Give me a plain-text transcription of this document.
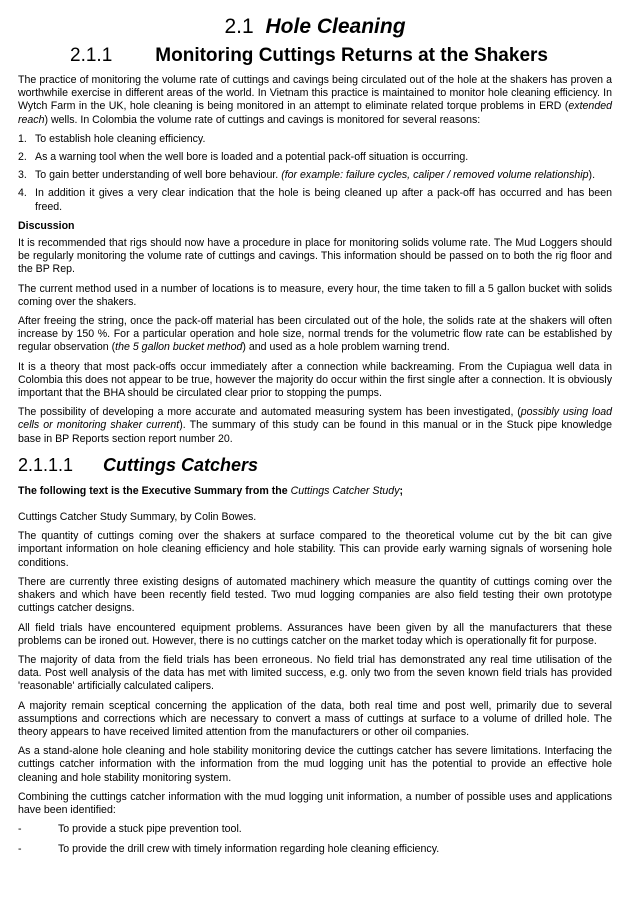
2.1 Hole Cleaning
2.1.1 Monitoring Cuttings Returns at the Shakers

The practice of monitoring the volume rate of cuttings and cavings being circulated out of the hole at the shakers has proven a worthwhile exercise in different areas of the world. In Vietnam this practice is maintained to monitor hole cleaning efficiency. In Wytch Farm in the UK, hole cleaning is being monitored in an attempt to eliminate related torque problems in ERD (extended reach) wells. In Colombia the volume rate of cuttings and cavings is monitored for several reasons:

1. To establish hole cleaning efficiency.
2. As a warning tool when the well bore is loaded and a potential pack-off situation is occurring.
3. To gain better understanding of well bore behaviour. (for example: failure cycles, caliper / removed volume relationship).
4. In addition it gives a very clear indication that the hole is being cleaned up after a pack-off has occurred and has been freed.
Discussion

It is recommended that rigs should now have a procedure in place for monitoring solids volume rate. The Mud Loggers should be regularly monitoring the volume rate of cuttings and cavings. This information should be passed on to both the rig floor and the BP Rep.

The current method used in a number of locations is to measure, every hour, the time taken to fill a 5 gallon bucket with solids coming over the shakers.

After freeing the string, once the pack-off material has been circulated out of the hole, the solids rate at the shakers will often increase by 150 %. For a particular operation and hole size, normal trends for the volumetric flow rate can be established by regular observation (the 5 gallon bucket method) and used as a hole problem warning trend.

It is a theory that most pack-offs occur immediately after a connection while backreaming. From the Cupiagua well data in Colombia this does not appear to be true, however the majority do occur within the first single after a connection. It is obviously important that the BHA should be circulated clear prior to stopping the pumps.

The possibility of developing a more accurate and automated measuring system has been investigated, (possibly using load cells or monitoring shaker current). The summary of this study can be found in this manual or in the Stuck pipe knowledge base in BP Reports section report number 20.

2.1.1.1 Cuttings Catchers

The following text is the Executive Summary from the Cuttings Catcher Study;

Cuttings Catcher Study Summary, by Colin Bowes.

The quantity of cuttings coming over the shakers at surface compared to the theoretical volume cut by the bit can give important information on hole cleaning efficiency and hole stability. This can provide early warning signals of worsening hole conditions.

There are currently three existing designs of automated machinery which measure the quantity of cuttings coming over the shakers and which have been recently field tested. Two mud logging companies are also field testing their own prototype cuttings catcher designs.

All field trials have encountered equipment problems. Assurances have been given by all the manufacturers that these problems can be ironed out. However, there is no cuttings catcher on the market today which is operationally fit for purpose.

The majority of data from the field trials has been erroneous. No field trial has demonstrated any real time utilisation of the data. Post well analysis of the data has met with limited success, e.g. only two from the seven known field trials has provided 'reasonable' artificially calculated calipers.

A majority remain sceptical concerning the application of the data, both real time and post well, primarily due to several assumptions and corrections which are necessary to convert a mass of cuttings at surface to a volume of drilled hole. The theory appears to have received limited attention from the manufacturers or other oil companies.

As a stand-alone hole cleaning and hole stability monitoring device the cuttings catcher has severe limitations. Interfacing the cuttings catcher information with the information from the mud logging unit has the potential to provide an effective hole cleaning and hole stability monitoring system.

Combining the cuttings catcher information with the mud logging unit information, a number of possible uses and applications have been identified:

-	To provide a stuck pipe prevention tool.
-	To provide the drill crew with timely information regarding hole cleaning efficiency.
